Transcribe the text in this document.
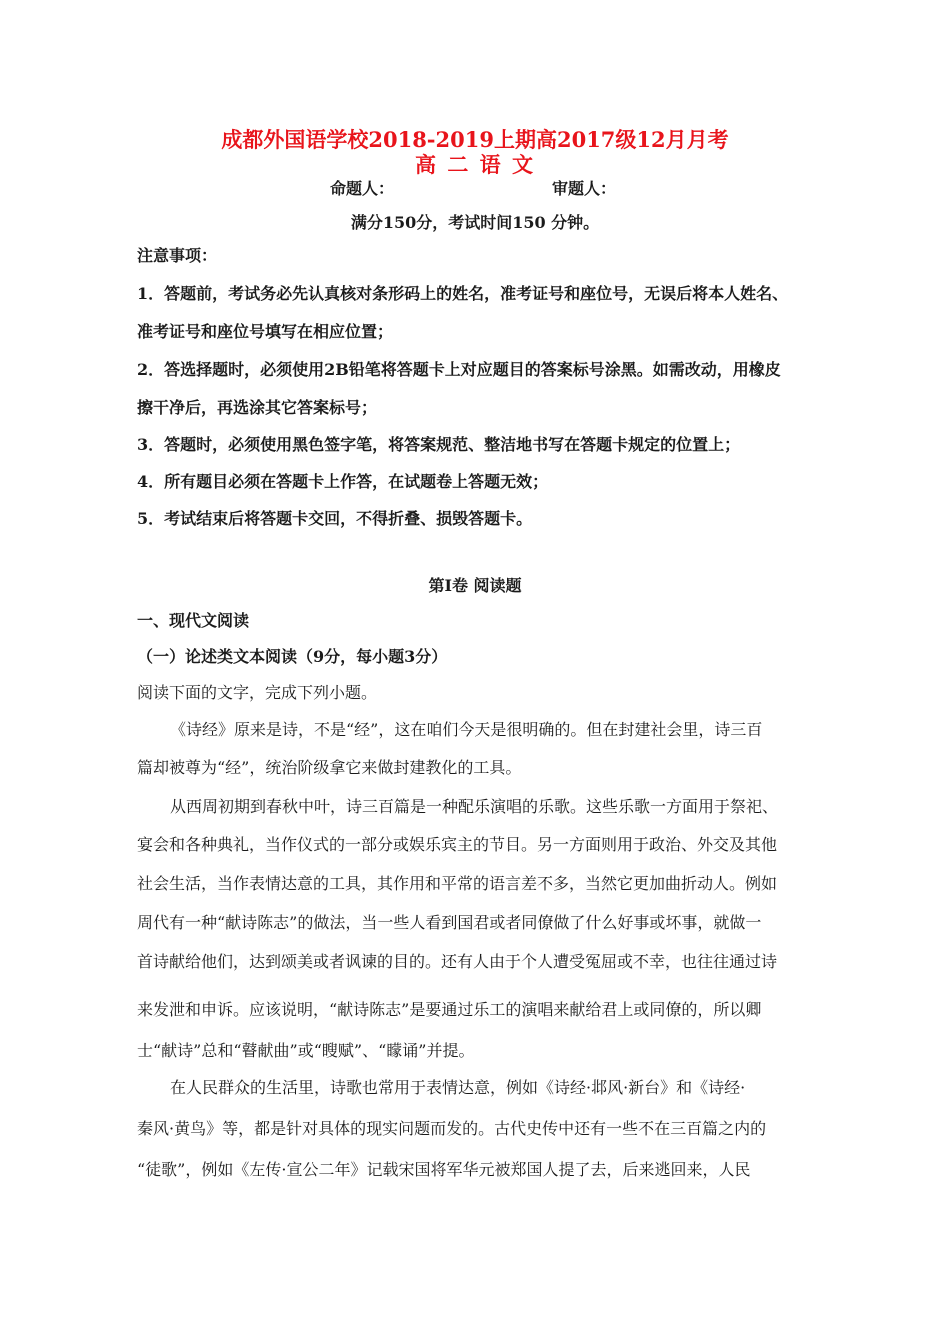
成都外国语学校2018-2019上期高2017级12月月考
高 二 语 文
命题人：	审题人：
满分150分，考试时间150 分钟。
注意事项：
1．答题前，考试务必先认真核对条形码上的姓名，准考证号和座位号，无误后将本人姓名、
准考证号和座位号填写在相应位置；
2．答选择题时，必须使用2B铅笔将答题卡上对应题目的答案标号涂黑。如需改动，用橡皮
擦干净后，再选涂其它答案标号；
3．答题时，必须使用黑色签字笔，将答案规范、整洁地书写在答题卡规定的位置上；
4．所有题目必须在答题卡上作答，在试题卷上答题无效；
5．考试结束后将答题卡交回，不得折叠、损毁答题卡。
第Ⅰ卷 阅读题
一、现代文阅读
（一）论述类文本阅读（9分，每小题3分）
阅读下面的文字，完成下列小题。
《诗经》原来是诗，不是“经”，这在咱们今天是很明确的。但在封建社会里，诗三百
篇却被尊为“经”，统治阶级拿它来做封建教化的工具。
从西周初期到春秋中叶，诗三百篇是一种配乐演唱的乐歌。这些乐歌一方面用于祭祀、
宴会和各种典礼，当作仪式的一部分或娱乐宾主的节目。另一方面则用于政治、外交及其他
社会生活，当作表情达意的工具，其作用和平常的语言差不多，当然它更加曲折动人。例如
周代有一种“献诗陈志”的做法，当一些人看到国君或者同僚做了什么好事或坏事，就做一
首诗献给他们，达到颂美或者讽谏的目的。还有人由于个人遭受冤屈或不幸，也往往通过诗
来发泄和申诉。应该说明，“献诗陈志”是要通过乐工的演唱来献给君上或同僚的，所以卿
士“献诗”总和“瞽献曲”或“瞍赋”、“矇诵”并提。
在人民群众的生活里，诗歌也常用于表情达意，例如《诗经·邶风·新台》和《诗经·
秦风·黄鸟》等，都是针对具体的现实问题而发的。古代史传中还有一些不在三百篇之内的
“徒歌”，例如《左传·宣公二年》记载宋国将军华元被郑国人提了去，后来逃回来，人民
